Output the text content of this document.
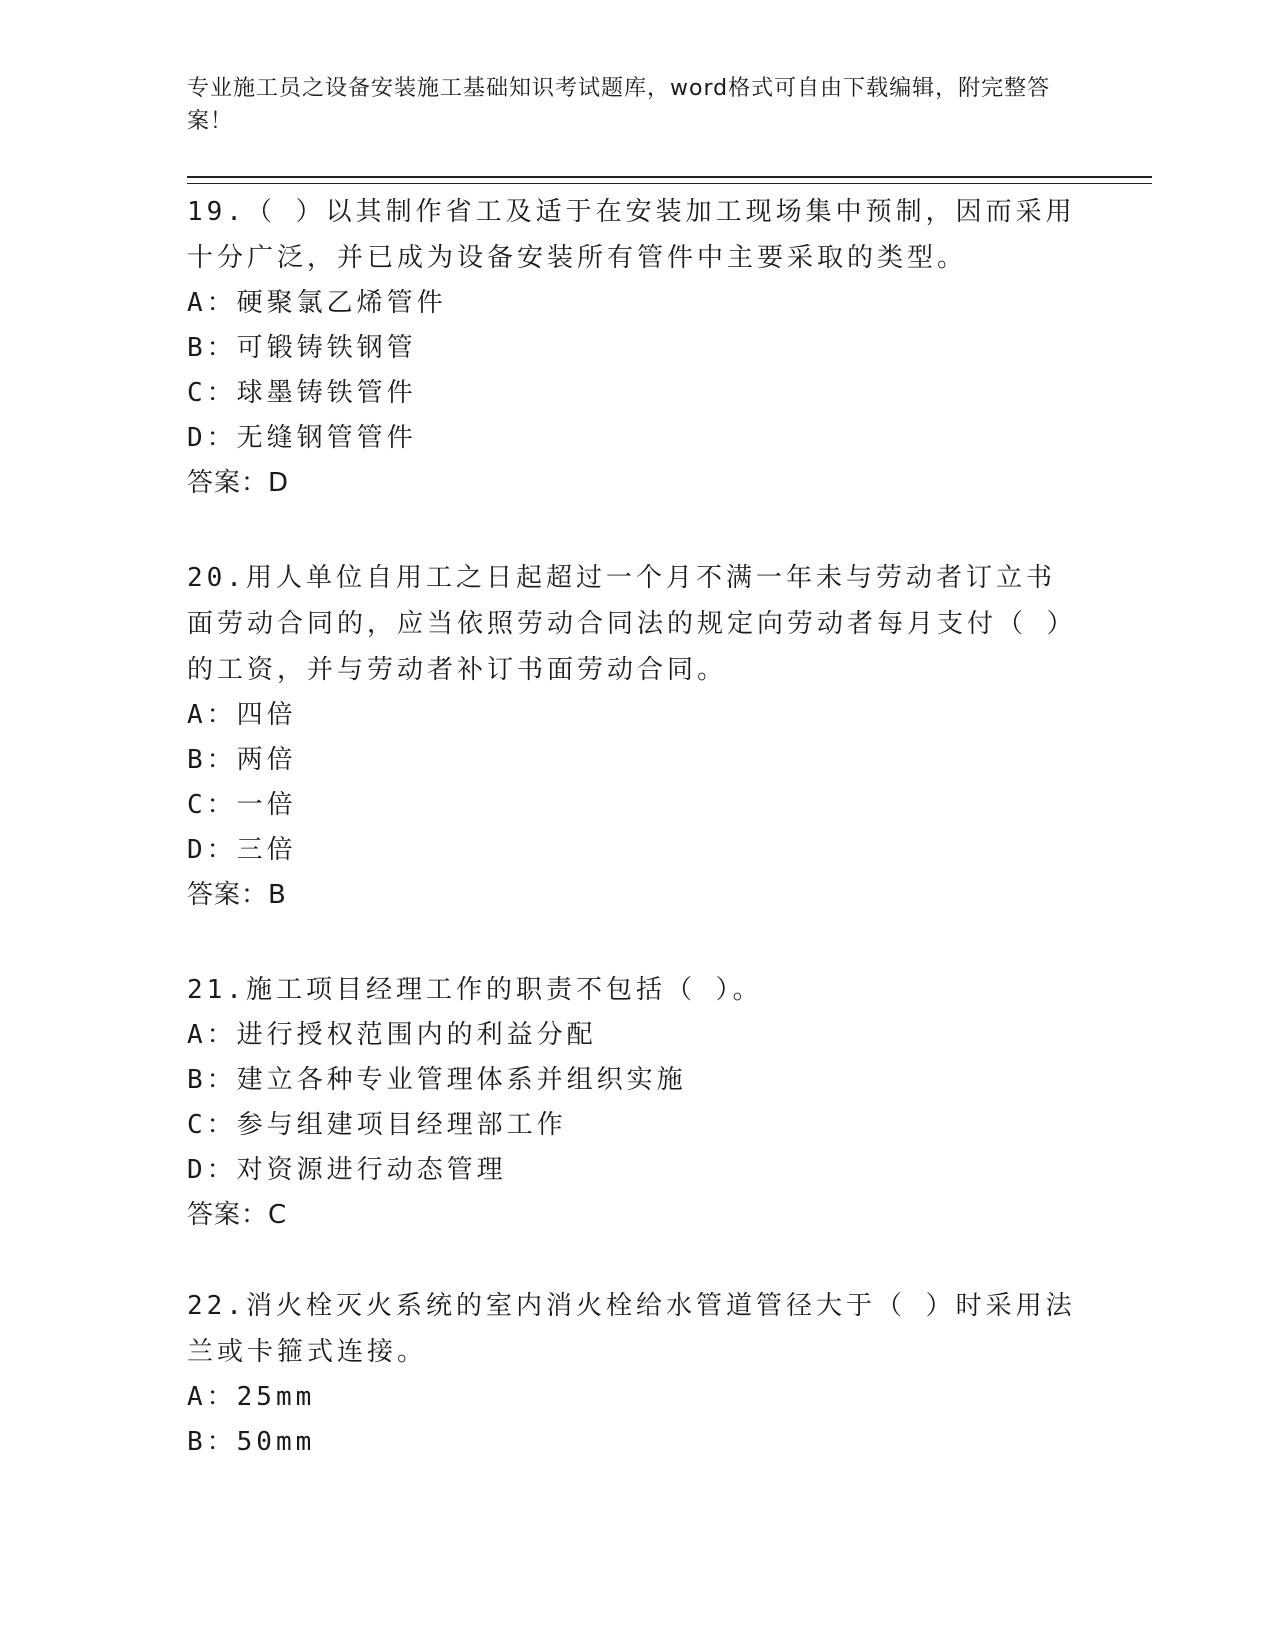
专业施工员之设备安装施工基础知识考试题库，word格式可自由下载编辑，附完整答案！
19.（ ）以其制作省工及适于在安装加工现场集中预制，因而采用十分广泛，并已成为设备安装所有管件中主要采取的类型。
A：硬聚氯乙烯管件
B：可锻铸铁钢管
C：球墨铸铁管件
D：无缝钢管管件
答案：D
20.用人单位自用工之日起超过一个月不满一年未与劳动者订立书面劳动合同的，应当依照劳动合同法的规定向劳动者每月支付（ ）的工资，并与劳动者补订书面劳动合同。
A：四倍
B：两倍
C：一倍
D：三倍
答案：B
21.施工项目经理工作的职责不包括（ ）。
A：进行授权范围内的利益分配
B：建立各种专业管理体系并组织实施
C：参与组建项目经理部工作
D：对资源进行动态管理
答案：C
22.消火栓灭火系统的室内消火栓给水管道管径大于（ ）时采用法兰或卡箍式连接。
A：25mm
B：50mm
